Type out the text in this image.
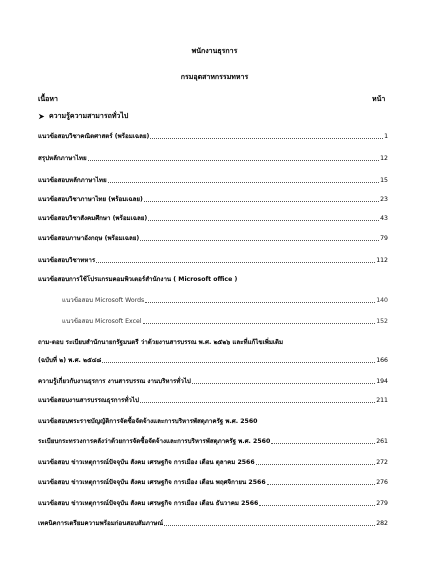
พนักงานธุรการ
กรมอุตสาหกรรมทหาร
เนื้อหา	หน้า
ความรู้ความสามารถทั่วไป
แนวข้อสอบวิชาคณิตศาสตร์ (พร้อมเฉลย)	1
สรุปหลักภาษาไทย	12
แนวข้อสอบหลักภาษาไทย	15
แนวข้อสอบวิชาภาษาไทย (พร้อมเฉลย)	23
แนวข้อสอบวิชาสังคมศึกษา (พร้อมเฉลย)	43
แนวข้อสอบภาษาอังกฤษ (พร้อมเฉลย)	79
แนวข้อสอบวิชาทหาร	112
แนวข้อสอบการใช้โปรแกรมคอมพิวเตอร์สำนักงาน ( Microsoft office )
แนวข้อสอบ Microsoft Words	140
แนวข้อสอบ Microsoft Excel	152
ถาม-ตอบ ระเบียบสำนักนายกรัฐมนตรี ว่าด้วยงานสารบรรณ พ.ศ. ๒๕๒๖ และที่แก้ไขเพิ่มเติม
(ฉบับที่ ๒) พ.ศ. ๒๕๔๘	166
ความรู้เกี่ยวกับงานธุรการ งานสารบรรณ งานบริหารทั่วไป	194
แนวข้อสอบงานสารบรรณธุรการทั่วไป	211
แนวข้อสอบพระราชบัญญัติการจัดซื้อจัดจ้างและการบริหารพัสดุภาครัฐ พ.ศ. 2560
ระเบียบกระทรวงการคลังว่าด้วยการจัดซื้อจัดจ้างและการบริหารพัสดุภาครัฐ พ.ศ. 2560	261
แนวข้อสอบ ข่าวเหตุการณ์ปัจจุบัน สังคม เศรษฐกิจ การเมือง เดือน ตุลาคม 2566	272
แนวข้อสอบ ข่าวเหตุการณ์ปัจจุบัน สังคม เศรษฐกิจ การเมือง เดือน พฤศจิกายน 2566	276
แนวข้อสอบ ข่าวเหตุการณ์ปัจจุบัน สังคม เศรษฐกิจ การเมือง เดือน ธันวาคม 2566	279
เทคนิคการเตรียมความพร้อมก่อนสอบสัมภาษณ์	282
